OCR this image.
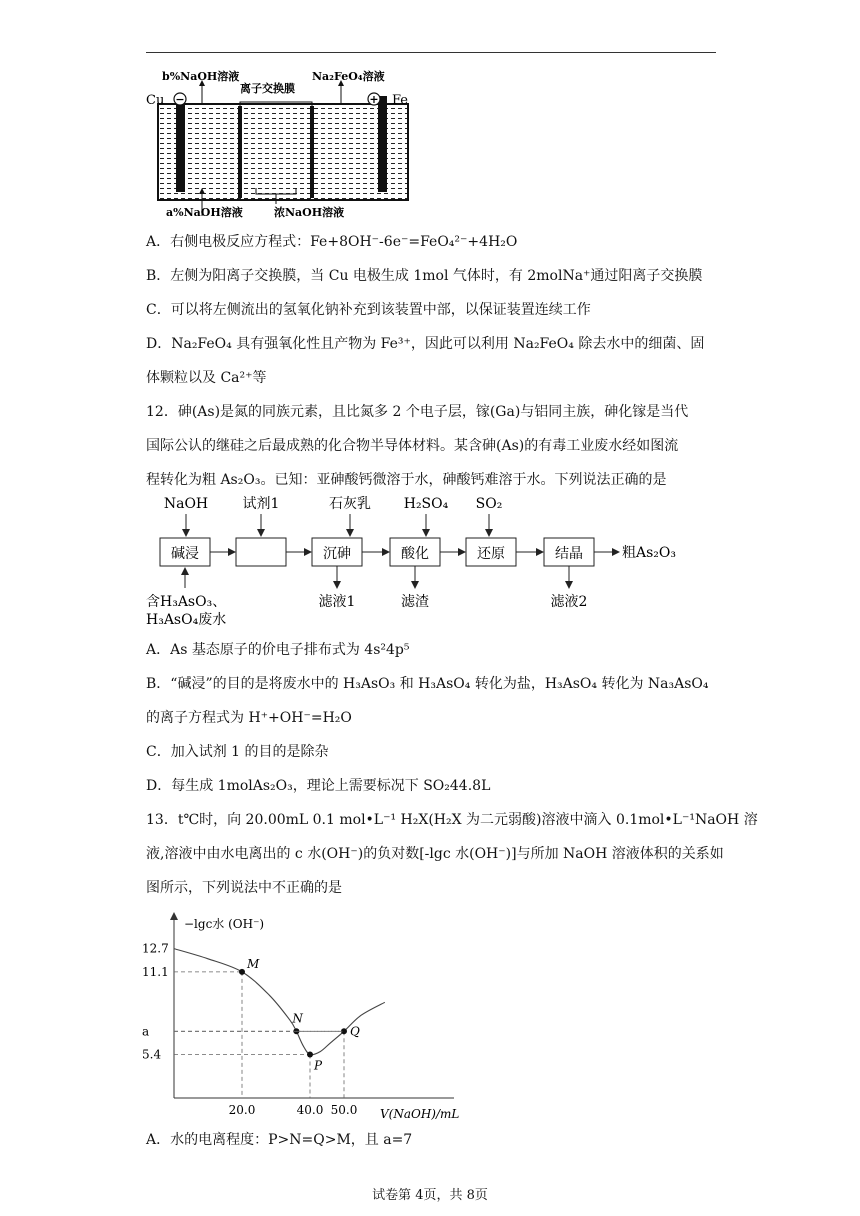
−	+
b%NaOH溶液
离子交换膜
Na₂FeO₄溶液
Cu	Fe
a%NaOH溶液	浓NaOH溶液
A．右侧电极反应方程式：Fe+8OH⁻-6e⁻=FeO₄²⁻+4H₂O
B．左侧为阳离子交换膜，当 Cu 电极生成 1mol 气体时，有 2molNa⁺通过阳离子交换膜
C．可以将左侧流出的氢氧化钠补充到该装置中部，以保证装置连续工作
D．Na₂FeO₄ 具有强氧化性且产物为 Fe³⁺，因此可以利用 Na₂FeO₄ 除去水中的细菌、固
体颗粒以及 Ca²⁺等
12．砷(As)是氮的同族元素，且比氮多 2 个电子层，镓(Ga)与铝同主族，砷化镓是当代
国际公认的继硅之后最成熟的化合物半导体材料。某含砷(As)的有毒工业废水经如图流
程转化为粗 As₂O₃。已知：亚砷酸钙微溶于水，砷酸钙难溶于水。下列说法正确的是
NaOH 试剂1	石灰乳 H₂SO₄ SO₂
碱浸	沉砷	酸化	还原	结晶	粗As₂O₃
滤液1	滤渣	滤液2
含H₃AsO₃、
H₃AsO₄废水
A．As 基态原子的价电子排布式为 4s²4p⁵
B．“碱浸”的目的是将废水中的 H₃AsO₃ 和 H₃AsO₄ 转化为盐，H₃AsO₄ 转化为 Na₃AsO₄
的离子方程式为 H⁺+OH⁻=H₂O
C．加入试剂 1 的目的是除杂
D．每生成 1molAs₂O₃，理论上需要标况下 SO₂44.8L
13．t℃时，向 20.00mL 0.1 mol•L⁻¹ H₂X(H₂X 为二元弱酸)溶液中滴入 0.1mol•L⁻¹NaOH 溶
液,溶液中由水电离出的 c 水(OH⁻)的负对数[-lgc 水(OH⁻)]与所加 NaOH 溶液体积的关系如
图所示，下列说法中不正确的是
−lgc水 (OH⁻)
V(NaOH)/mL
12.7
11.1
a
5.4
20.0	40.0 50.0
M
N
P
Q
A．水的电离程度：P>N=Q>M，且 a=7
试卷第 4页，共 8页
